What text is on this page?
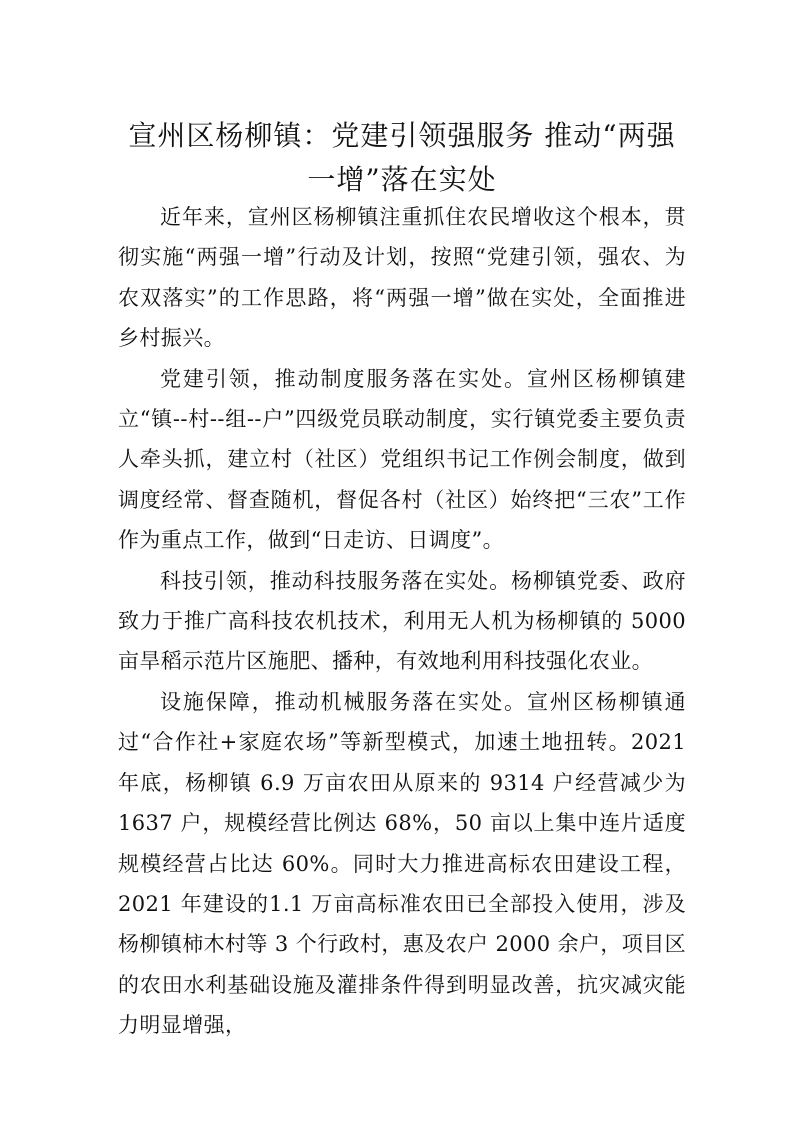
宣州区杨柳镇：党建引领强服务 推动“两强一增”落在实处

近年来，宣州区杨柳镇注重抓住农民增收这个根本，贯彻实施“两强一增”行动及计划，按照“党建引领，强农、为农双落实”的工作思路，将“两强一增”做在实处，全面推进乡村振兴。

党建引领，推动制度服务落在实处。宣州区杨柳镇建立“镇--村--组--户”四级党员联动制度，实行镇党委主要负责人牵头抓，建立村（社区）党组织书记工作例会制度，做到调度经常、督查随机，督促各村（社区）始终把“三农”工作作为重点工作，做到“日走访、日调度”。

科技引领，推动科技服务落在实处。杨柳镇党委、政府致力于推广高科技农机技术，利用无人机为杨柳镇的 5000 亩旱稻示范片区施肥、播种，有效地利用科技强化农业。

设施保障，推动机械服务落在实处。宣州区杨柳镇通过“合作社+家庭农场”等新型模式，加速土地扭转。2021 年底，杨柳镇 6.9 万亩农田从原来的 9314 户经营减少为 1637 户，规模经营比例达 68%，50 亩以上集中连片适度规模经营占比达 60%。同时大力推进高标农田建设工程，2021 年建设的1.1 万亩高标准农田已全部投入使用，涉及杨柳镇柿木村等 3 个行政村，惠及农户 2000 余户，项目区的农田水利基础设施及灌排条件得到明显改善，抗灾减灾能力明显增强，
